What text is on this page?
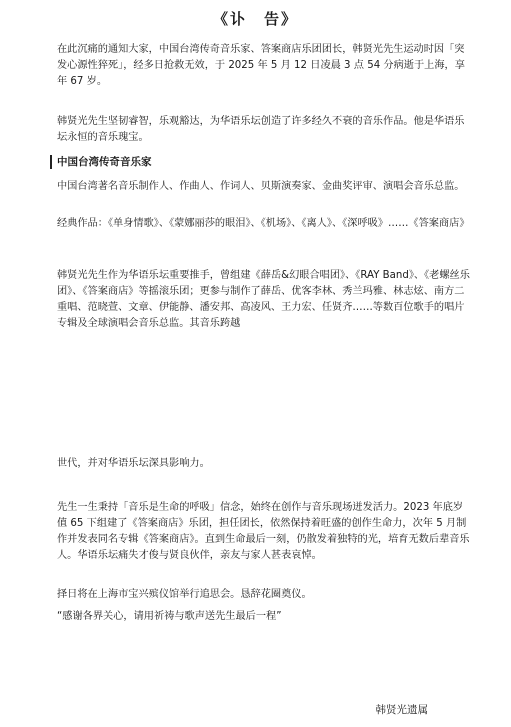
《讣　告》
在此沉痛的通知大家，中国台湾传奇音乐家、答案商店乐团团长，韩贤光先生运动时因「突发心源性猝死」，经多日抢救无效，于 2025 年 5 月 12 日凌晨 3 点 54 分病逝于上海，享年 67 岁。
韩贤光先生坚韧睿智，乐观豁达，为华语乐坛创造了许多经久不衰的音乐作品。他是华语乐坛永恒的音乐瑰宝。
中国台湾传奇音乐家
中国台湾著名音乐制作人、作曲人、作词人、贝斯演奏家、金曲奖评审、演唱会音乐总监。
经典作品：《单身情歌》、《蒙娜丽莎的眼泪》、《机场》、《离人》、《深呼吸》……《答案商店》
韩贤光先生作为华语乐坛重要推手，曾组建《薛岳&幻眼合唱团》、《RAY Band》、《老螺丝乐团》、《答案商店》等摇滚乐团；更参与制作了薛岳、优客李林、秀兰玛雅、林志炫、南方二重唱、范晓萱、文章、伊能静、潘安邦、高凌风、王力宏、任贤齐……等数百位歌手的唱片专辑及全球演唱会音乐总监。其音乐跨越
世代，并对华语乐坛深具影响力。
先生一生秉持「音乐是生命的呼吸」信念，始终在创作与音乐现场迸发活力。2023 年底岁值 65 下组建了《答案商店》乐团，担任团长，依然保持着旺盛的创作生命力，次年 5 月制作并发表同名专辑《答案商店》。直到生命最后一刻，仍散发着独特的光，培育无数后辈音乐人。华语乐坛痛失才俊与贤良伙伴，亲友与家人甚表哀悼。
择日将在上海市宝兴殡仪馆举行追思会。恳辞花圈奠仪。
“感谢各界关心，请用祈祷与歌声送先生最后一程”
韩贤光遗属
